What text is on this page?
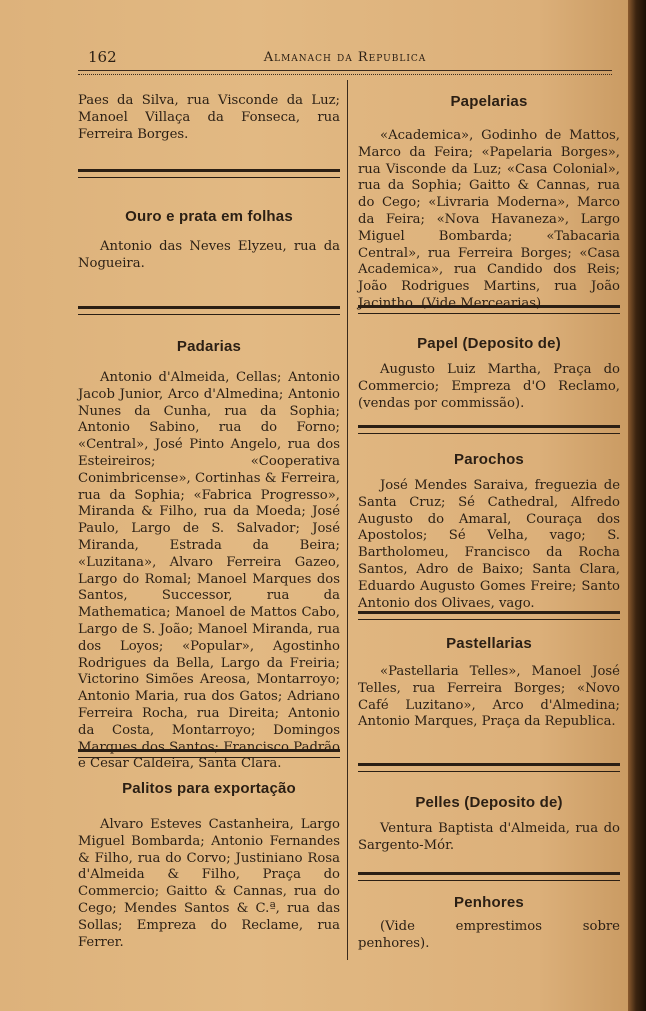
162	Almanach da Republica

Paes da Silva, rua Visconde da Luz; Manoel Villaça da Fonseca, rua Ferreira Borges.

Ouro e prata em folhas

Antonio das Neves Elyzeu, rua da Nogueira.

Padarias

Antonio d'Almeida, Cellas; Antonio Jacob Junior, Arco d'Almedina; Antonio Nunes da Cunha, rua da Sophia; Antonio Sabino, rua do Forno; «Central», José Pinto Angelo, rua dos Esteireiros; «Cooperativa Conimbricense», Cortinhas & Ferreira, rua da Sophia; «Fabrica Progresso», Miranda & Filho, rua da Moeda; José Paulo, Largo de S. Salvador; José Miranda, Estrada da Beira; «Luzitana», Alvaro Ferreira Gazeo, Largo do Romal; Manoel Marques dos Santos, Successor, rua da Mathematica; Manoel de Mattos Cabo, Largo de S. João; Manoel Miranda, rua dos Loyos; «Popular», Agostinho Rodrigues da Bella, Largo da Freiria; Victorino Simões Areosa, Montarroyo; Antonio Maria, rua dos Gatos; Adriano Ferreira Rocha, rua Direita; Antonio da Costa, Montarroyo; Domingos Marques dos Santos; Francisco Padrão e Cesar Caldeira, Santa Clara.

Palitos para exportação

Alvaro Esteves Castanheira, Largo Miguel Bombarda; Antonio Fernandes & Filho, rua do Corvo; Justiniano Rosa d'Almeida & Filho, Praça do Commercio; Gaitto & Cannas, rua do Cego; Mendes Santos & C.ª, rua das Sollas; Empreza do Reclame, rua Ferrer.

Papelarias

«Academica», Godinho de Mattos, Marco da Feira; «Papelaria Borges», rua Visconde da Luz; «Casa Colonial», rua da Sophia; Gaitto & Cannas, rua do Cego; «Livraria Moderna», Marco da Feira; «Nova Havaneza», Largo Miguel Bombarda; «Tabacaria Central», rua Ferreira Borges; «Casa Academica», rua Candido dos Reis; João Rodrigues Martins, rua João Jacintho. (Vide Mercearias).

Papel (Deposito de)

Augusto Luiz Martha, Praça do Commercio; Empreza d'O Reclamo, (vendas por commissão).

Parochos

José Mendes Saraiva, freguezia de Santa Cruz; Sé Cathedral, Alfredo Augusto do Amaral, Couraça dos Apostolos; Sé Velha, vago; S. Bartholomeu, Francisco da Rocha Santos, Adro de Baixo; Santa Clara, Eduardo Augusto Gomes Freire; Santo Antonio dos Olivaes, vago.

Pastellarias

«Pastellaria Telles», Manoel José Telles, rua Ferreira Borges; «Novo Café Luzitano», Arco d'Almedina; Antonio Marques, Praça da Republica.

Pelles (Deposito de)

Ventura Baptista d'Almeida, rua do Sargento-Mór.

Penhores

(Vide emprestimos sobre penhores).
